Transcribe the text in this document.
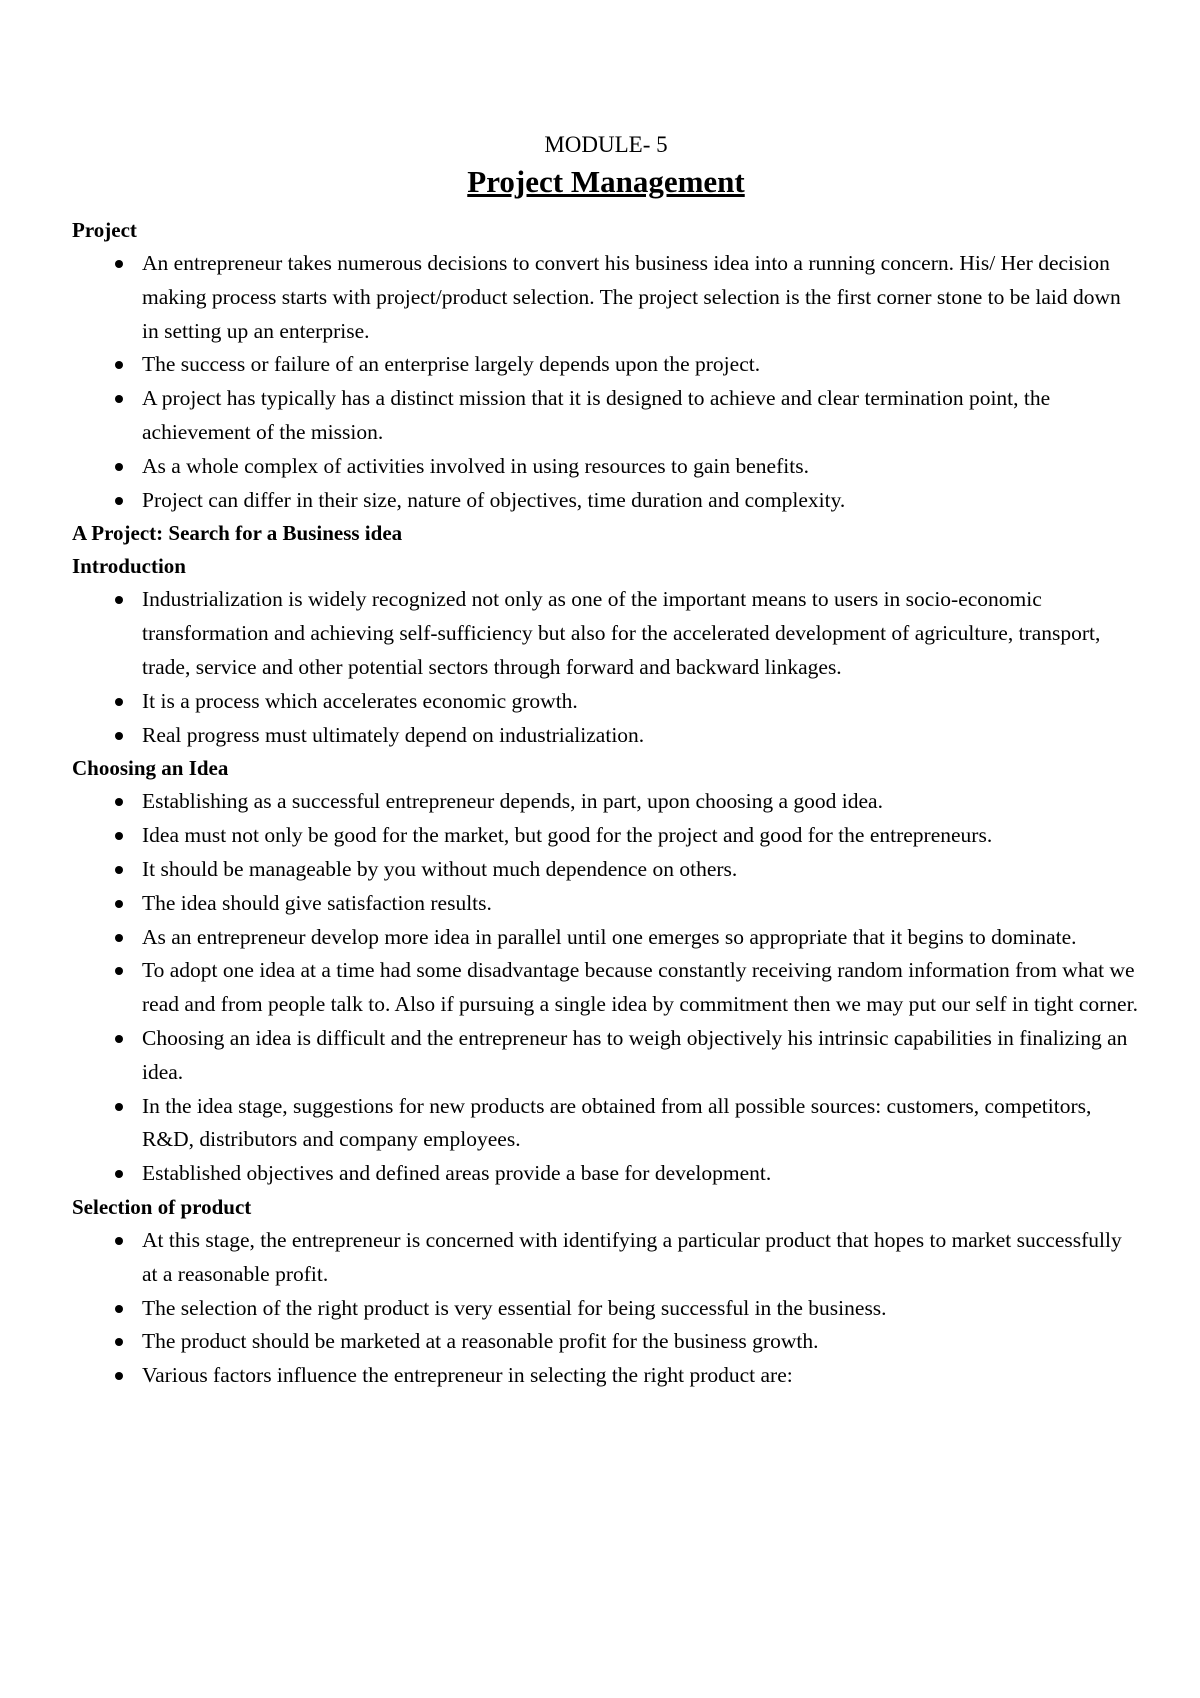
MODULE- 5
Project Management
Project
An entrepreneur takes numerous decisions to convert his business idea into a running concern. His/ Her decision making process starts with project/product selection. The project selection is the first corner stone to be laid down in setting up an enterprise.
The success or failure of an enterprise largely depends upon the project.
A project has typically has a distinct mission that it is designed to achieve and clear termination point, the achievement of the mission.
As a whole complex of activities involved in using resources to gain benefits.
Project can differ in their size, nature of objectives, time duration and complexity.
A Project: Search for a Business idea
Introduction
Industrialization is widely recognized not only as one of the important means to users in socio-economic transformation and achieving self-sufficiency but also for the accelerated development of agriculture, transport, trade, service and other potential sectors through forward and backward linkages.
It is a process which accelerates economic growth.
Real progress must ultimately depend on industrialization.
Choosing an Idea
Establishing as a successful entrepreneur depends, in part, upon choosing a good idea.
Idea must not only be good for the market, but good for the project and good for the entrepreneurs.
It should be manageable by you without much dependence on others.
The idea should give satisfaction results.
As an entrepreneur develop more idea in parallel until one emerges so appropriate that it begins to dominate.
To adopt one idea at a time had some disadvantage because constantly receiving random information from what we read and from people talk to. Also if pursuing a single idea by commitment then we may put our self in tight corner.
Choosing an idea is difficult and the entrepreneur has to weigh objectively his intrinsic capabilities in finalizing an idea.
In the idea stage, suggestions for new products are obtained from all possible sources: customers, competitors, R&D, distributors and company employees.
Established objectives and defined areas provide a base for development.
Selection of product
At this stage, the entrepreneur is concerned with identifying a particular product that hopes to market successfully at a reasonable profit.
The selection of the right product is very essential for being successful in the business.
The product should be marketed at a reasonable profit for the business growth.
Various factors influence the entrepreneur in selecting the right product are:
